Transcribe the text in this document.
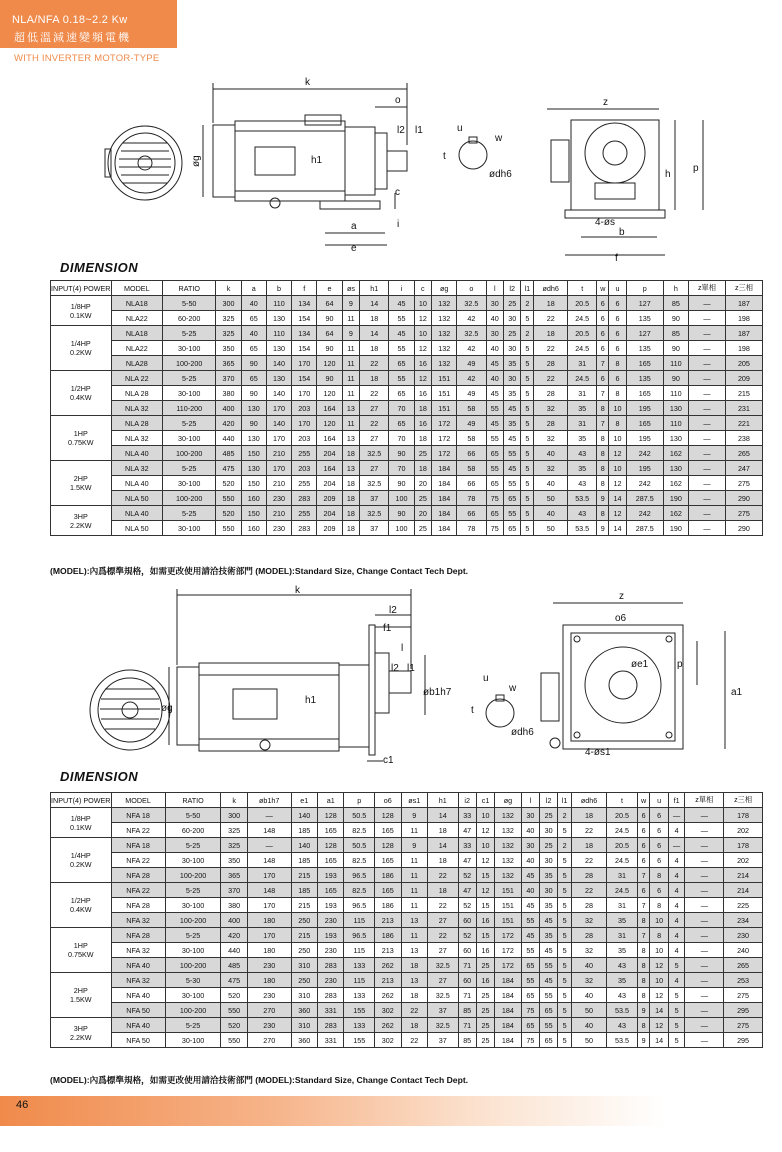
NLA/NFA 0.18~2.2 Kw
超低溫減速變頻電機
WITH INVERTER MOTOR-TYPE
k
o
l2 l1
øg	h1
c
a
e
i
u
w
t
ødh6
z
h
p
4-øs
b
f
DIMENSION
INPUT(4) POWER	MODEL	RATIO	k	a	b	f	e	øs	h1	i	c	øg	o	l	l2	l1	ødh6	t	w	u	p	h	z單相	z三相

1/8HP
0.1KW	NLA18	5-50	300	40	110	134	64	9	14	45	10	132	32.5	30	25	2	18	20.5	6	6	127	85	—	187
	NLA22	60-200	325	65	130	154	90	11	18	55	12	132	42	40	30	5	22	24.5	6	6	135	90	—	198

1/4HP
0.2KW	NLA18	5-25	325	40	110	134	64	9	14	45	10	132	32.5	30	25	2	18	20.5	6	6	127	85	—	187
	NLA22	30-100	350	65	130	154	90	11	18	55	12	132	42	40	30	5	22	24.5	6	6	135	90	—	198
	NLA28	100-200	365	90	140	170	120	11	22	65	16	132	49	45	35	5	28	31	7	8	165	110	—	205

1/2HP
0.4KW	NLA 22	5-25	370	65	130	154	90	11	18	55	12	151	42	40	30	5	22	24.5	6	6	135	90	—	209
	NLA 28	30-100	380	90	140	170	120	11	22	65	16	151	49	45	35	5	28	31	7	8	165	110	—	215
	NLA 32	110-200	400	130	170	203	164	13	27	70	18	151	58	55	45	5	32	35	8	10	195	130	—	231

1HP
0.75KW	NLA 28	5-25	420	90	140	170	120	11	22	65	16	172	49	45	35	5	28	31	7	8	165	110	—	221
	NLA 32	30-100	440	130	170	203	164	13	27	70	18	172	58	55	45	5	32	35	8	10	195	130	—	238
	NLA 40	100-200	485	150	210	255	204	18	32.5	90	25	172	66	65	55	5	40	43	8	12	242	162	—	265

2HP
1.5KW	NLA 32	5-25	475	130	170	203	164	13	27	70	18	184	58	55	45	5	32	35	8	10	195	130	—	247
	NLA 40	30-100	520	150	210	255	204	18	32.5	90	20	184	66	65	55	5	40	43	8	12	242	162	—	275
	NLA 50	100-200	550	160	230	283	209	18	37	100	25	184	78	75	65	5	50	53.5	9	14	287.5	190	—	290

3HP
2.2KW	NLA 40	5-25	520	150	210	255	204	18	32.5	90	20	184	66	65	55	5	40	43	8	12	242	162	—	275
	NLA 50	30-100	550	160	230	283	209	18	37	100	25	184	78	75	65	5	50	53.5	9	14	287.5	190	—	290
(MODEL):內爲標準規格，如需更改使用請洽技術部門 (MODEL):Standard Size, Change Contact Tech Dept.
k
l2
f1
l
l2 l1
øg
h1
øb1h7
c1
u
w
t
ødh6
z
o6
øe1	p
a1
4-øs1
DIMENSION
INPUT(4) POWER	MODEL	RATIO	k	øb1h7	e1	a1	p	o6	øs1	h1	i2	c1	øg	l	l2	l1	ødh6	t	w	u	f1	z單相	z三相

1/8HP
0.1KW	NFA 18	5-50	300	—	140	128	50.5	128	9	14	33	10	132	30	25	2	18	20.5	6	6	—	—	178
	NFA 22	60-200	325	148	185	165	82.5	165	11	18	47	12	132	40	30	5	22	24.5	6	6	4	—	202

1/4HP
0.2KW	NFA 18	5-25	325	—	140	128	50.5	128	9	14	33	10	132	30	25	2	18	20.5	6	6	—	—	178
	NFA 22	30-100	350	148	185	165	82.5	165	11	18	47	12	132	40	30	5	22	24.5	6	6	4	—	202
	NFA 28	100-200	365	170	215	193	96.5	186	11	22	52	15	132	45	35	5	28	31	7	8	4	—	214

1/2HP
0.4KW	NFA 22	5-25	370	148	185	165	82.5	165	11	18	47	12	151	40	30	5	22	24.5	6	6	4	—	214
	NFA 28	30-100	380	170	215	193	96.5	186	11	22	52	15	151	45	35	5	28	31	7	8	4	—	225
	NFA 32	100-200	400	180	250	230	115	213	13	27	60	16	151	55	45	5	32	35	8	10	4	—	234

1HP
0.75KW	NFA 28	5-25	420	170	215	193	96.5	186	11	22	52	15	172	45	35	5	28	31	7	8	4	—	230
	NFA 32	30-100	440	180	250	230	115	213	13	27	60	16	172	55	45	5	32	35	8	10	4	—	240
	NFA 40	100-200	485	230	310	283	133	262	18	32.5	71	25	172	65	55	5	40	43	8	12	5	—	265

2HP
1.5KW	NFA 32	5-30	475	180	250	230	115	213	13	27	60	16	184	55	45	5	32	35	8	10	4	—	253
	NFA 40	30-100	520	230	310	283	133	262	18	32.5	71	25	184	65	55	5	40	43	8	12	5	—	275
	NFA 50	100-200	550	270	360	331	155	302	22	37	85	25	184	75	65	5	50	53.5	9	14	5	—	295

3HP
2.2KW	NFA 40	5-25	520	230	310	283	133	262	18	32.5	71	25	184	65	55	5	40	43	8	12	5	—	275
	NFA 50	30-100	550	270	360	331	155	302	22	37	85	25	184	75	65	5	50	53.5	9	14	5	—	295
(MODEL):內爲標準規格，如需更改使用請洽技術部門 (MODEL):Standard Size, Change Contact Tech Dept.
46
